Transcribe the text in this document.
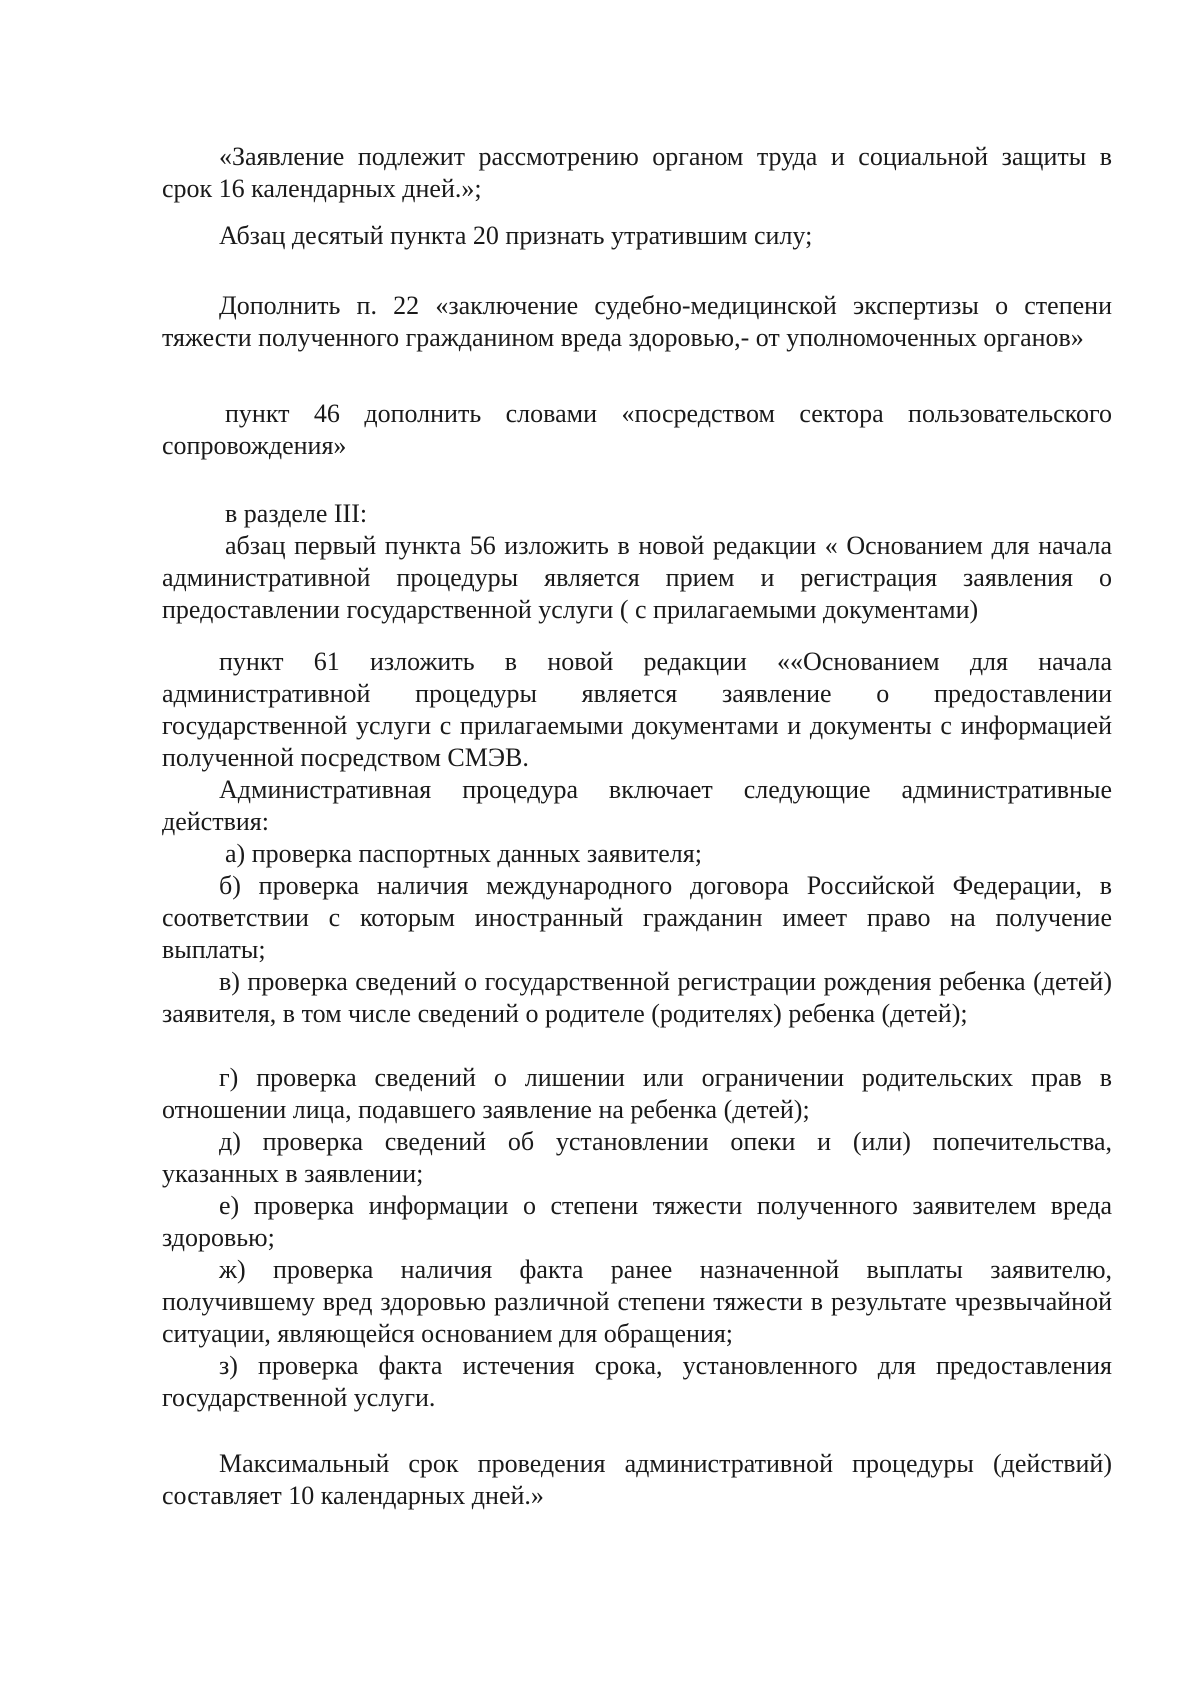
«Заявление подлежит рассмотрению органом труда и социальной защиты в срок 16 календарных дней.»;

Абзац десятый пункта 20 признать утратившим силу;

Дополнить п. 22 «заключение судебно-медицинской экспертизы о степени тяжести полученного гражданином вреда здоровью,- от уполномоченных органов»

пункт 46 дополнить словами «посредством сектора пользовательского сопровождения»

в разделе III:

абзац первый пункта 56 изложить в новой редакции « Основанием для начала административной процедуры является прием и регистрация заявления о предоставлении государственной услуги ( с прилагаемыми документами)

пункт 61 изложить в новой редакции ««Основанием для начала административной процедуры является заявление о предоставлении государственной услуги с прилагаемыми документами и документы с информацией полученной посредством СМЭВ.

Административная процедура включает следующие административные действия:

а) проверка паспортных данных заявителя;

б) проверка наличия международного договора Российской Федерации, в соответствии с которым иностранный гражданин имеет право на получение выплаты;

в) проверка сведений о государственной регистрации рождения ребенка (детей) заявителя, в том числе сведений о родителе (родителях) ребенка (детей);

г) проверка сведений о лишении или ограничении родительских прав в отношении лица, подавшего заявление на ребенка (детей);

д) проверка сведений об установлении опеки и (или) попечительства, указанных в заявлении;

е) проверка информации о степени тяжести полученного заявителем вреда здоровью;

ж) проверка наличия факта ранее назначенной выплаты заявителю, получившему вред здоровью различной степени тяжести в результате чрезвычайной ситуации, являющейся основанием для обращения;

з) проверка факта истечения срока, установленного для предоставления государственной услуги.

Максимальный срок проведения административной процедуры (действий) составляет 10 календарных дней.»
